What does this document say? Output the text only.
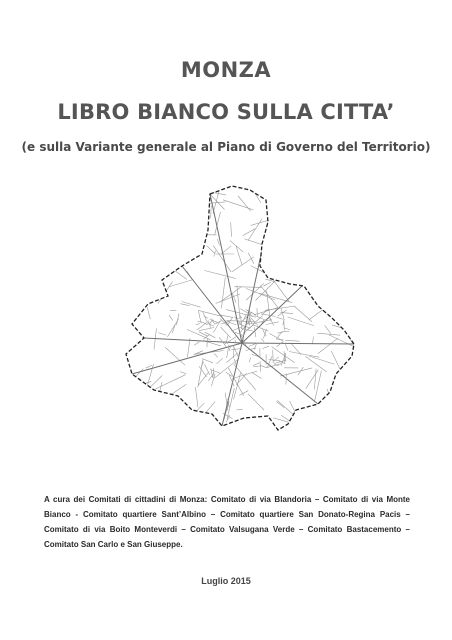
MONZA
LIBRO BIANCO SULLA CITTA’
(e sulla Variante generale al Piano di Governo del Territorio)
A cura dei Comitati di cittadini di Monza: Comitato di via Blandoria – Comitato di via Monte Bianco - Comitato quartiere Sant’Albino – Comitato quartiere San Donato-Regina Pacis – Comitato di via Boito Monteverdi – Comitato Valsugana Verde – Comitato Bastacemento – Comitato San Carlo e San Giuseppe.
Luglio 2015
